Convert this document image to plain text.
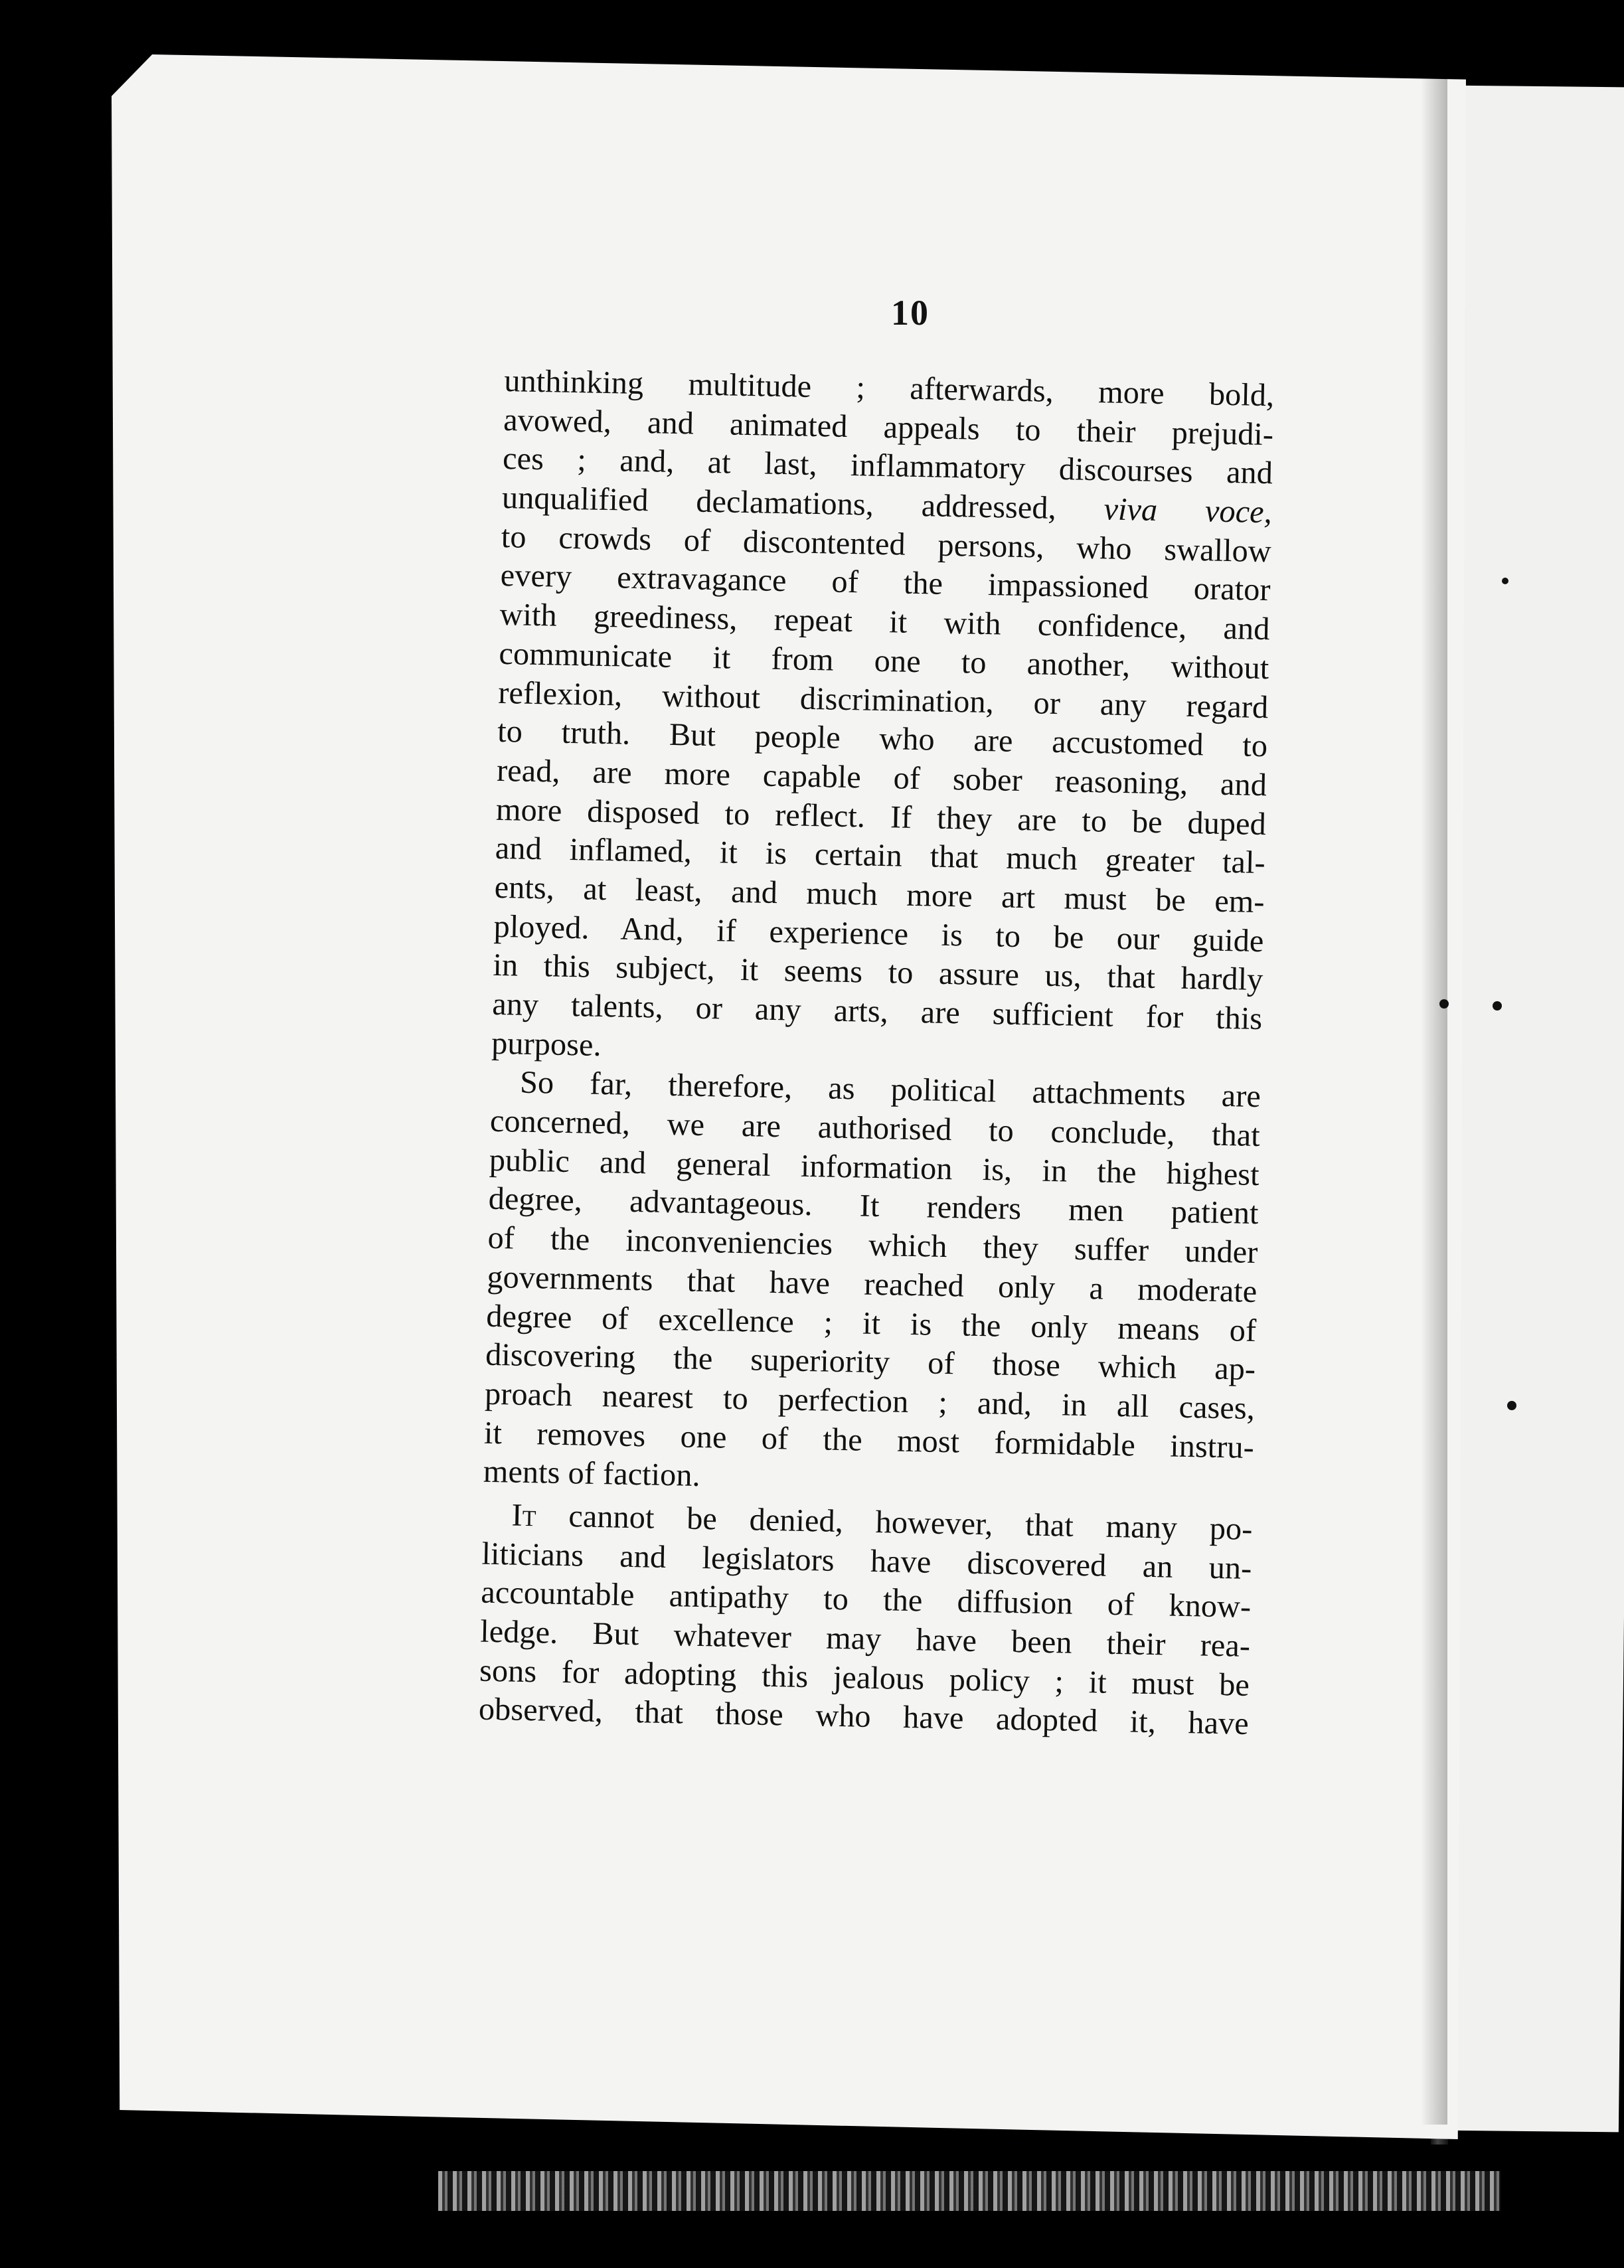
10
unthinking multitude ; afterwards, more bold,
avowed, and animated appeals to their prejudi-
ces ; and, at last, inflammatory discourses and
unqualified declamations, addressed, viva voce,
to crowds of discontented persons, who swallow
every extravagance of the impassioned orator
with greediness, repeat it with confidence, and
communicate it from one to another, without
reflexion, without discrimination, or any regard
to truth. But people who are accustomed to
read, are more capable of sober reasoning, and
more disposed to reflect. If they are to be duped
and inflamed, it is certain that much greater tal-
ents, at least, and much more art must be em-
ployed. And, if experience is to be our guide
in this subject, it seems to assure us, that hardly
any talents, or any arts, are sufficient for this
purpose.
So far, therefore, as political attachments are
concerned, we are authorised to conclude, that
public and general information is, in the highest
degree, advantageous. It renders men patient
of the inconveniencies which they suffer under
governments that have reached only a moderate
degree of excellence ; it is the only means of
discovering the superiority of those which ap-
proach nearest to perfection ; and, in all cases,
it removes one of the most formidable instru-
ments of faction.
It cannot be denied, however, that many po-
liticians and legislators have discovered an un-
accountable antipathy to the diffusion of know-
ledge. But whatever may have been their rea-
sons for adopting this jealous policy ; it must be
observed, that those who have adopted it, have
